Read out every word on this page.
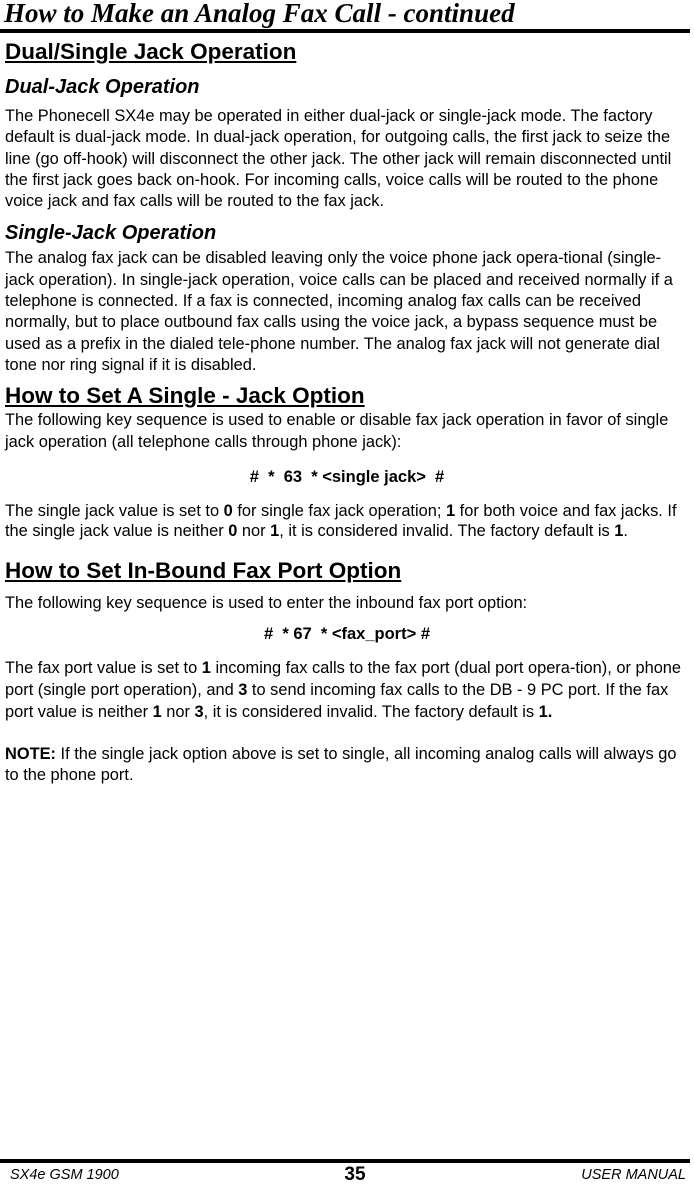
How to Make an Analog Fax Call - continued
Dual/Single Jack Operation
Dual-Jack Operation

The Phonecell SX4e may be operated in either dual-jack or single-jack mode. The factory default is dual-jack mode. In dual-jack operation, for outgoing calls, the first jack to seize the line (go off-hook) will disconnect the other jack. The other jack will remain disconnected until the first jack goes back on-hook. For incoming calls, voice calls will be routed to the phone voice jack and fax calls will be routed to the fax jack.

Single-Jack Operation

The analog fax jack can be disabled leaving only the voice phone jack opera-tional (single-jack operation). In single-jack operation, voice calls can be placed and received normally if a telephone is connected. If a fax is connected, incoming analog fax calls can be received normally, but to place outbound fax calls using the voice jack, a bypass sequence must be used as a prefix in the dialed tele-phone number. The analog fax jack will not generate dial tone nor ring signal if it is disabled.

How to Set A Single - Jack Option

The following key sequence is used to enable or disable fax jack operation in favor of single jack operation (all telephone calls through phone jack):

#  *  63  * <single jack>  #

The single jack value is set to 0 for single fax jack operation; 1 for both voice and fax jacks. If the single jack value is neither 0 nor 1, it is considered invalid. The factory default is 1.

How to Set In-Bound Fax Port Option

The following key sequence is used to enter the inbound fax port option:

#  * 67  * <fax_port> #

The fax port value is set to 1 incoming fax calls to the fax port (dual port opera-tion), or phone port (single port operation), and 3 to send incoming fax calls to the DB - 9 PC port. If the fax port value is neither 1 nor 3, it is considered invalid. The factory default is 1.

NOTE: If the single jack option above is set to single, all incoming analog calls will always go to the phone port.

SX4e GSM 1900	35	USER MANUAL
